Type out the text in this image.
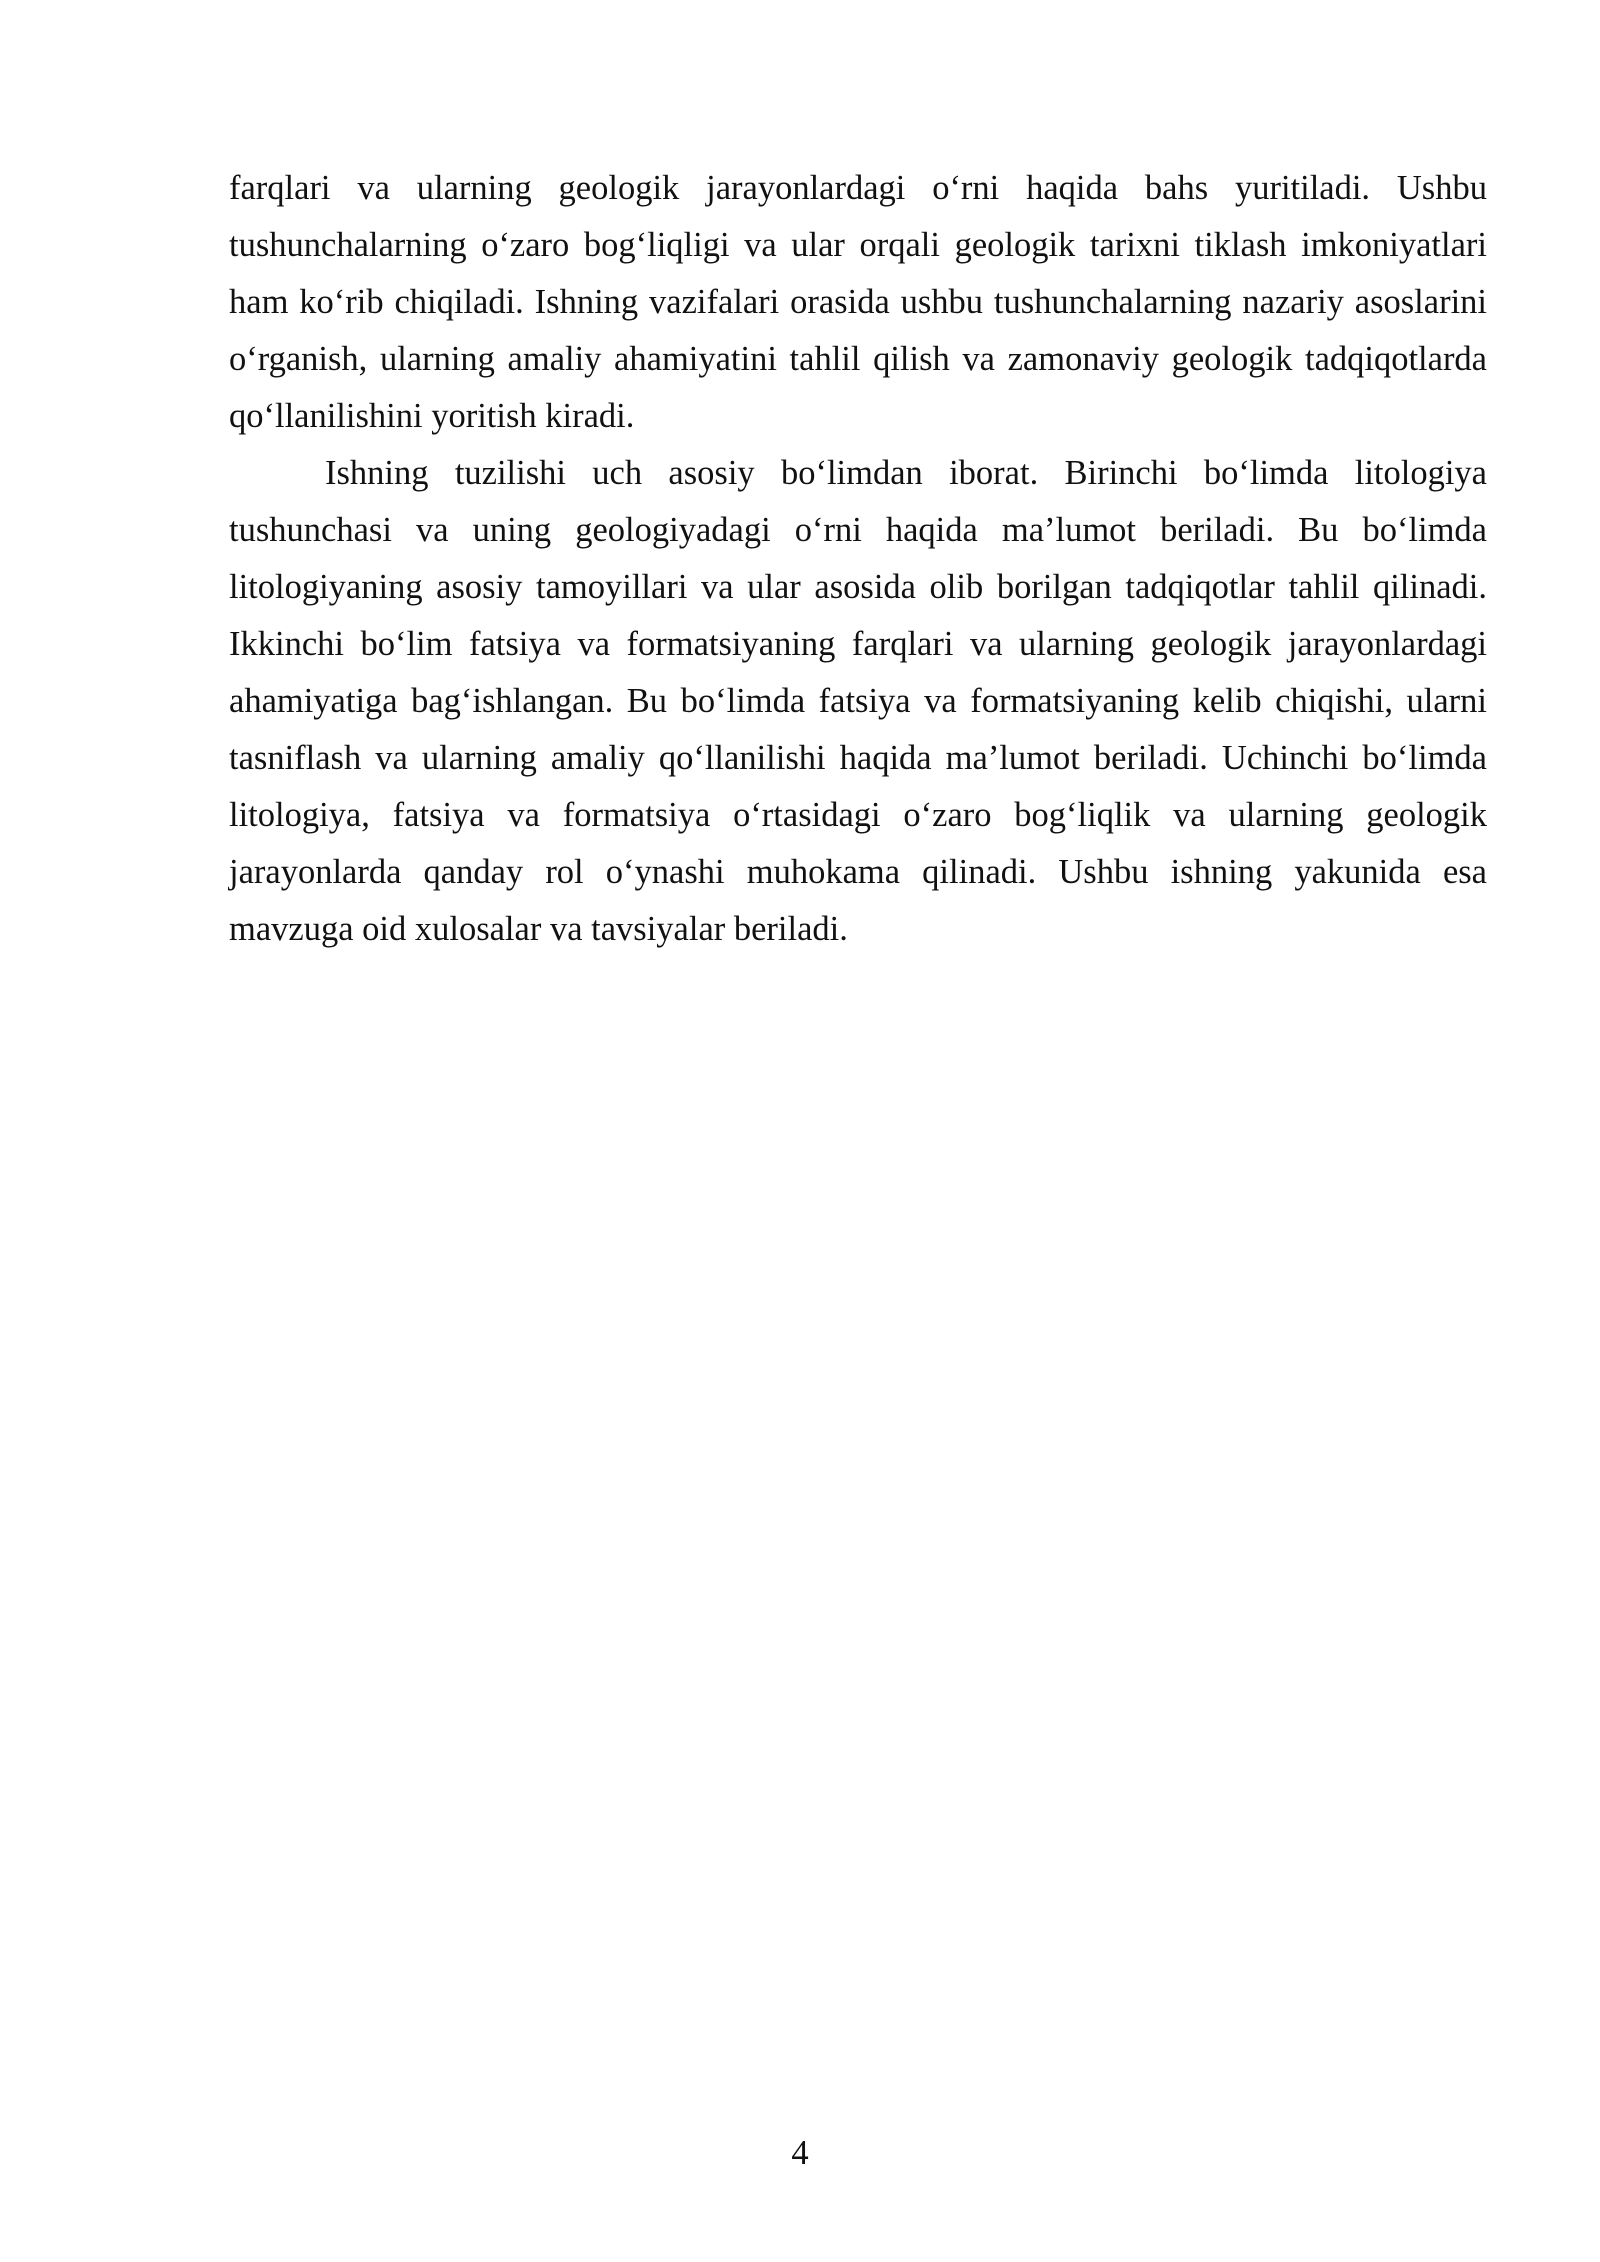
farqlari va ularning geologik jarayonlardagi o‘rni haqida bahs yuritiladi. Ushbu tushunchalarning o‘zaro bog‘liqligi va ular orqali geologik tarixni tiklash imkoniyatlari ham ko‘rib chiqiladi. Ishning vazifalari orasida ushbu tushunchalarning nazariy asoslarini o‘rganish, ularning amaliy ahamiyatini tahlil qilish va zamonaviy geologik tadqiqotlarda qo‘llanilishini yoritish kiradi.

Ishning tuzilishi uch asosiy bo‘limdan iborat. Birinchi bo‘limda litologiya tushunchasi va uning geologiyadagi o‘rni haqida ma’lumot beriladi. Bu bo‘limda litologiyaning asosiy tamoyillari va ular asosida olib borilgan tadqiqotlar tahlil qilinadi. Ikkinchi bo‘lim fatsiya va formatsiyaning farqlari va ularning geologik jarayonlardagi ahamiyatiga bag‘ishlangan. Bu bo‘limda fatsiya va formatsiyaning kelib chiqishi, ularni tasniflash va ularning amaliy qo‘llanilishi haqida ma’lumot beriladi. Uchinchi bo‘limda litologiya, fatsiya va formatsiya o‘rtasidagi o‘zaro bog‘liqlik va ularning geologik jarayonlarda qanday rol o‘ynashi muhokama qilinadi. Ushbu ishning yakunida esa mavzuga oid xulosalar va tavsiyalar beriladi.

4
